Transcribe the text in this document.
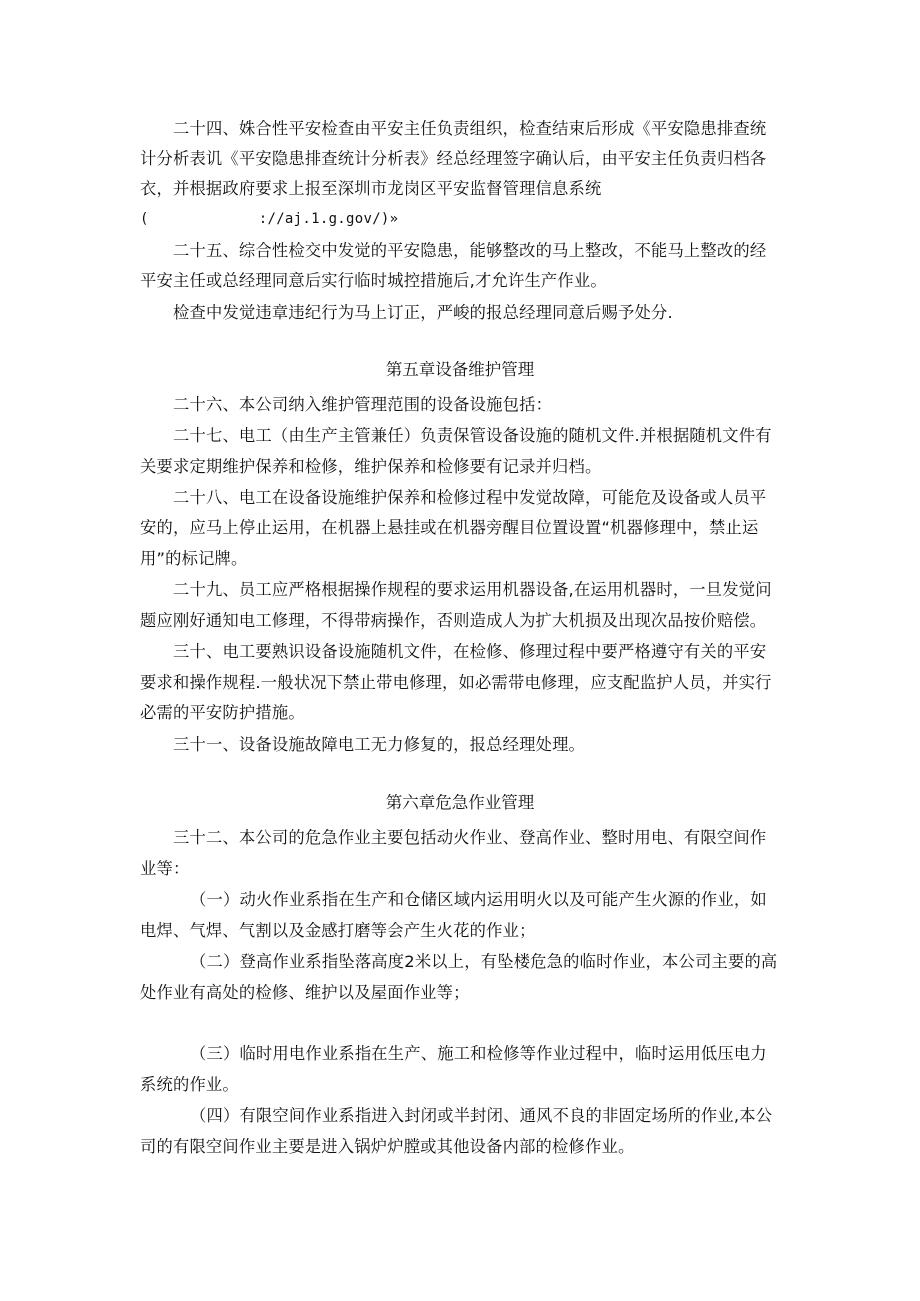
二十四、姝合性平安检查由平安主任负责组织，检查结束后形成《平安隐患排查统
计分析表讥《平安隐患排查统计分析表》经总经理签字确认后，由平安主任负责归档各
衣，并根据政府要求上报至深圳市龙岗区平安监督管理信息系统
(	://aj.1.g.gov/)»
二十五、综合性检交中发觉的平安隐患，能够整改的马上整改，不能马上整改的经
平安主任或总经理同意后实行临时城控措施后,才允许生产作业。
检查中发觉违章违纪行为马上订正，严峻的报总经理同意后赐予处分.
第五章设备维护管理
二十六、本公司纳入维护管理范围的设备设施包括：
二十七、电工（由生产主管兼任）负责保管设备设施的随机文件.并根据随机文件有
关要求定期维护保养和检修，维护保养和检修要有记录并归档。
二十八、电工在设备设施维护保养和检修过程中发觉故障，可能危及设备或人员平
安的，应马上停止运用，在机器上悬挂或在机器旁醒目位置设置“机器修理中，禁止运
用”的标记牌。
二十九、员工应严格根据操作规程的要求运用机器设备,在运用机器时，一旦发觉问
题应刚好通知电工修理，不得带病操作，否则造成人为扩大机损及出现次品按价赔偿。
三十、电工要熟识设备设施随机文件，在检修、修理过程中要严格遵守有关的平安
要求和操作规程.一般状况下禁止带电修理，如必需带电修理，应支配监护人员，并实行
必需的平安防护措施。
三十一、设备设施故障电工无力修复的，报总经理处理。
第六章危急作业管理
三十二、本公司的危急作业主要包括动火作业、登高作业、整时用电、有限空间作
业等：
（一）动火作业系指在生产和仓储区域内运用明火以及可能产生火源的作业，如
电焊、气焊、气割以及金感打磨等会产生火花的作业；
（二）登高作业系指坠落高度2米以上，有坠楼危急的临时作业，本公司主要的高
处作业有高处的检修、维护以及屋面作业等；
（三）临时用电作业系指在生产、施工和检修等作业过程中，临时运用低压电力
系统的作业。
（四）有限空间作业系指进入封闭或半封闭、通风不良的非固定场所的作业,本公
司的有限空间作业主要是进入锅炉炉膛或其他设备内部的检修作业。
